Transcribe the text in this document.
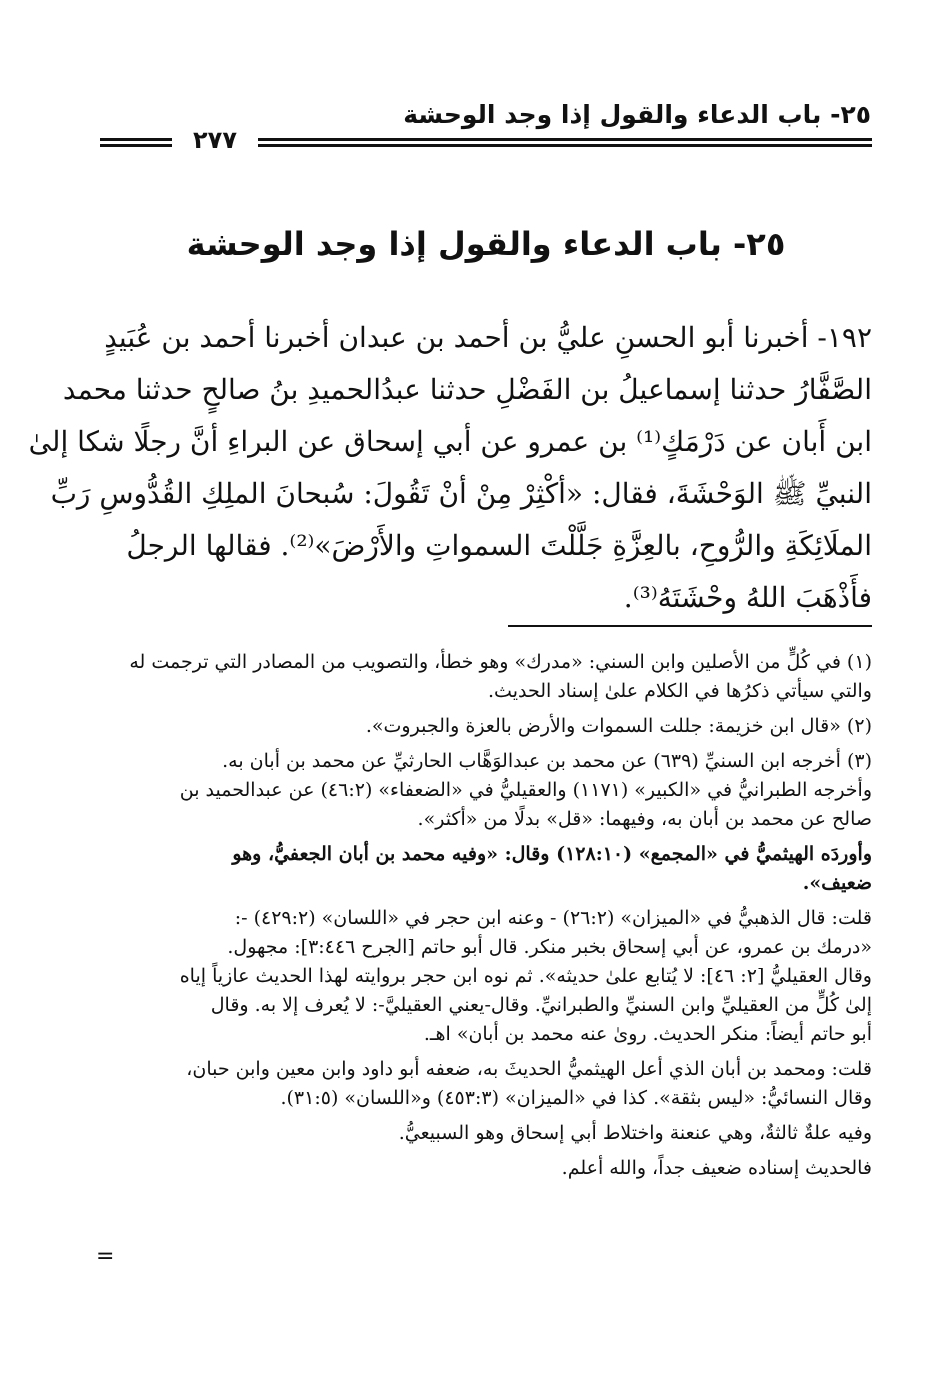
٢٥- باب الدعاء والقول إذا وجد الوحشة
٢٧٧
٢٥- باب الدعاء والقول إذا وجد الوحشة
١٩٢- أخبرنا أبو الحسنِ عليُّ بن أحمد بن عبدان أخبرنا أحمد بن عُبَيدٍ
الصَّفَّارُ حدثنا إسماعيلُ بن الفَضْلِ حدثنا عبدُالحميدِ بنُ صالحٍ حدثنا محمد
ابن أَبان عن دَرْمَكٍ⁽¹⁾ بن عمرو عن أبي إسحاق عن البراءِ أنَّ رجلًا شكا إلىٰ
النبيِّ ﷺ الوَحْشَةَ، فقال: «أكْثِرْ مِنْ أنْ تَقُولَ: سُبحانَ الملِكِ القُدُّوسِ رَبِّ
الملَائِكَةِ والرُّوحِ، بالعِزَّةِ جَلَّلْتَ السمواتِ والأَرْضَ»⁽²⁾. فقالها الرجلُ
فأَذْهَبَ اللهُ وحْشَتَهُ⁽³⁾.
(١) في كُلٍّ من الأصلين وابن السني: «مدرك» وهو خطأ، والتصويب من المصادر التي ترجمت له
والتي سيأتي ذكرُها في الكلام علىٰ إسناد الحديث.
(٢) «قال ابن خزيمة: جللت السموات والأرض بالعزة والجبروت».
(٣) أخرجه ابن السنيِّ (٦٣٩) عن محمد بن عبدالوَهَّاب الحارثيِّ عن محمد بن أبان به.
وأخرجه الطبرانيُّ في «الكبير» (١١٧١) والعقيليُّ في «الضعفاء» (٤٦:٢) عن عبدالحميد بن
صالح عن محمد بن أبان به، وفيهما: «قل» بدلًا من «أكثر».
وأوردَه الهيثميُّ في «المجمع» (١٢٨:١٠) وقال: «وفيه محمد بن أبان الجعفيُّ، وهو
ضعيف».
قلت: قال الذهبيُّ في «الميزان» (٢٦:٢) - وعنه ابن حجر في «اللسان» (٤٢٩:٢) -:
«درمك بن عمرو، عن أبي إسحاق بخبر منكر. قال أبو حاتم [الجرح ٣:٤٤٦]: مجهول.
وقال العقيليُّ [٢: ٤٦]: لا يُتابع علىٰ حديثه». ثم نوه ابن حجر بروايته لهذا الحديث عازياً إياه
إلىٰ كُلٍّ من العقيليِّ وابن السنيِّ والطبرانيِّ. وقال-يعني العقيليَّ-: لا يُعرف إلا به. وقال
أبو حاتم أيضاً: منكر الحديث. روىٰ عنه محمد بن أبان» اهـ.
قلت: ومحمد بن أبان الذي أعل الهيثميُّ الحديثَ به، ضعفه أبو داود وابن معين وابن حبان،
وقال النسائيُّ: «ليس بثقة». كذا في «الميزان» (٤٥٣:٣) و«اللسان» (٣١:٥).
وفيه علةٌ ثالثةٌ، وهي عنعنة واختلاط أبي إسحاق وهو السبيعيُّ.
فالحديث إسناده ضعيف جداً، والله أعلم.
=
